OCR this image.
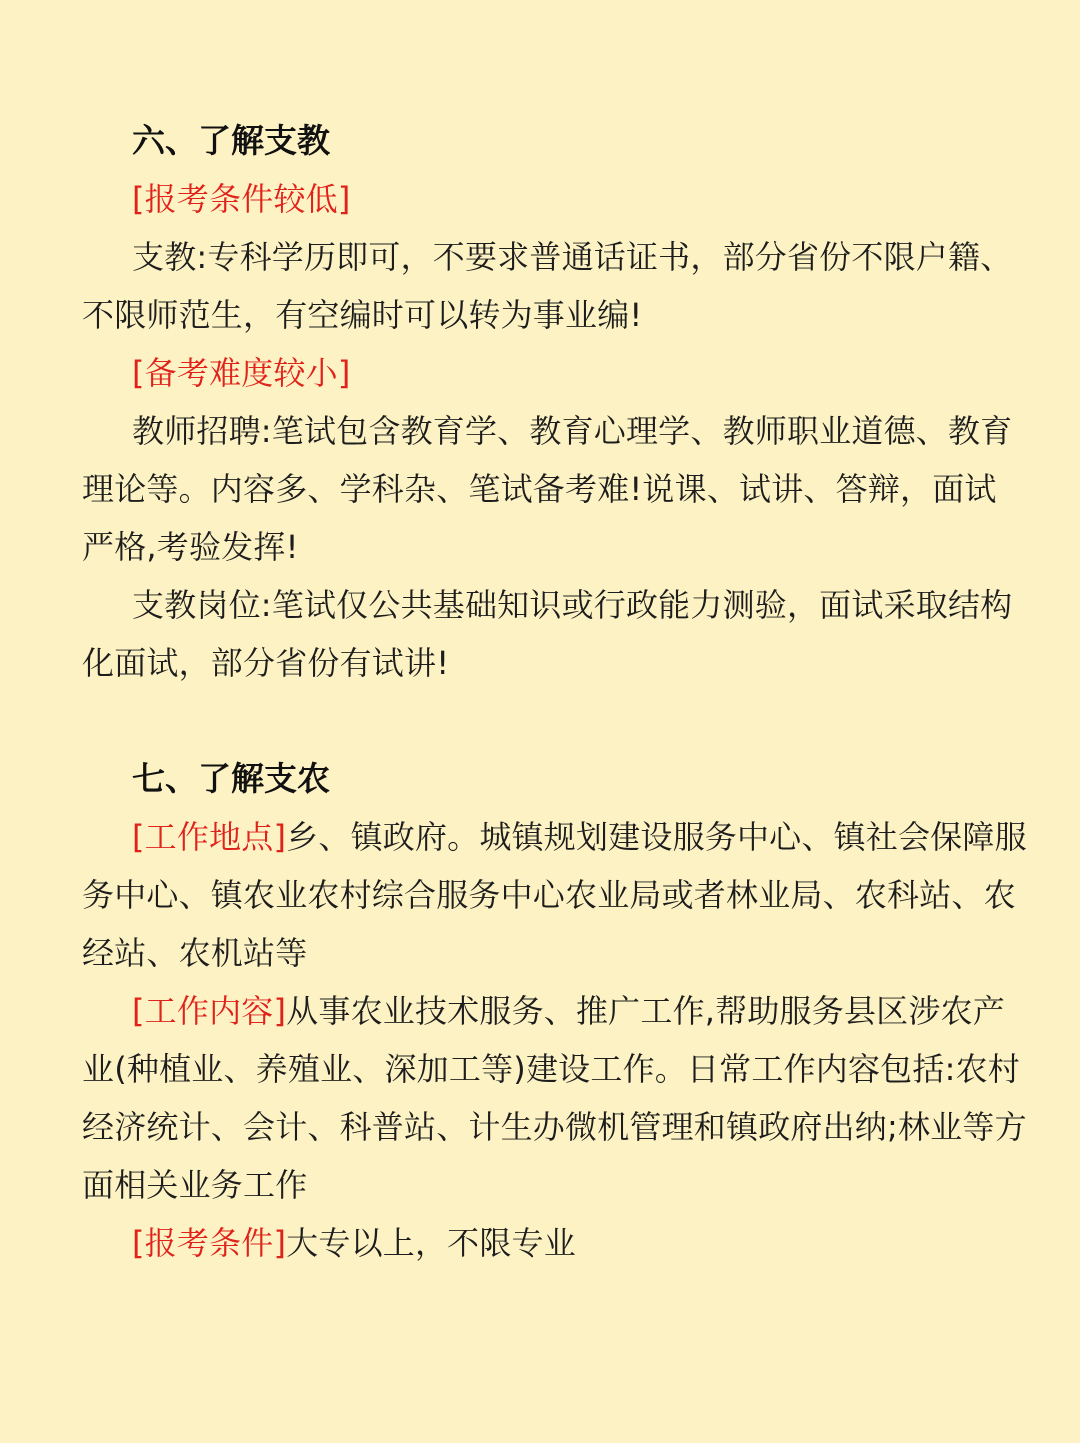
六、了解支教

[报考条件较低]

支教:专科学历即可，不要求普通话证书，部分省份不限户籍、不限师范生，有空编时可以转为事业编!

[备考难度较小]

教师招聘:笔试包含教育学、教育心理学、教师职业道德、教育理论等。内容多、学科杂、笔试备考难!说课、试讲、答辩，面试严格,考验发挥!

支教岗位:笔试仅公共基础知识或行政能力测验，面试采取结构化面试，部分省份有试讲!

七、了解支农

[工作地点]乡、镇政府。城镇规划建设服务中心、镇社会保障服务中心、镇农业农村综合服务中心农业局或者林业局、农科站、农经站、农机站等

[工作内容]从事农业技术服务、推广工作,帮助服务县区涉农产业(种植业、养殖业、深加工等)建设工作。日常工作内容包括:农村经济统计、会计、科普站、计生办微机管理和镇政府出纳;林业等方面相关业务工作

[报考条件]大专以上，不限专业
